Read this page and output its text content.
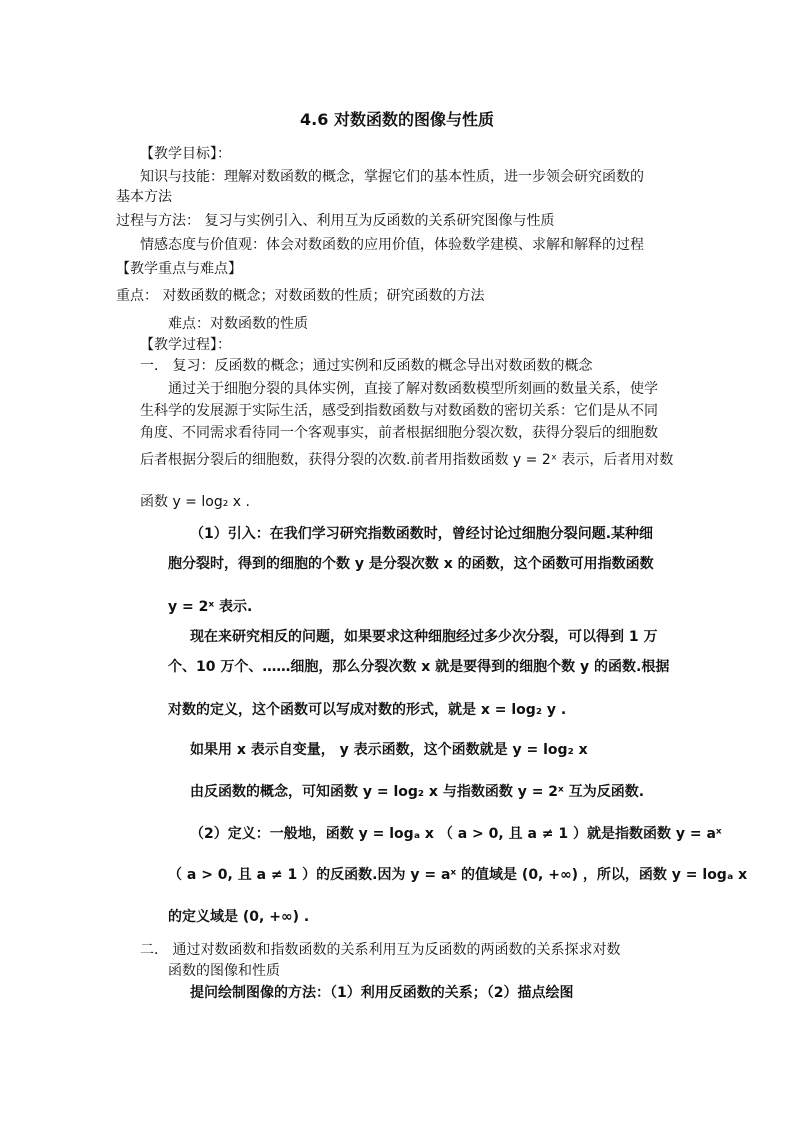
4.6 对数函数的图像与性质
【教学目标】：
知识与技能：理解对数函数的概念，掌握它们的基本性质，进一步领会研究函数的
基本方法
过程与方法： 复习与实例引入、利用互为反函数的关系研究图像与性质
情感态度与价值观：体会对数函数的应用价值，体验数学建模、求解和解释的过程
【教学重点与难点】
重点： 对数函数的概念；对数函数的性质；研究函数的方法
难点：对数函数的性质
【教学过程】：
一． 复习：反函数的概念；通过实例和反函数的概念导出对数函数的概念
通过关于细胞分裂的具体实例，直接了解对数函数模型所刻画的数量关系，使学
生科学的发展源于实际生活，感受到指数函数与对数函数的密切关系：它们是从不同
角度、不同需求看待同一个客观事实，前者根据细胞分裂次数，获得分裂后的细胞数
后者根据分裂后的细胞数，获得分裂的次数.前者用指数函数 y = 2ˣ 表示，后者用对数
函数 y = log₂ x .
（1）引入：在我们学习研究指数函数时，曾经讨论过细胞分裂问题.某种细
胞分裂时，得到的细胞的个数 y 是分裂次数 x 的函数，这个函数可用指数函数
y = 2ˣ 表示.
现在来研究相反的问题，如果要求这种细胞经过多少次分裂，可以得到 1 万
个、10 万个、……细胞，那么分裂次数 x 就是要得到的细胞个数 y 的函数.根据
对数的定义，这个函数可以写成对数的形式，就是 x = log₂ y .
如果用 x 表示自变量， y 表示函数，这个函数就是 y = log₂ x
由反函数的概念，可知函数 y = log₂ x 与指数函数 y = 2ˣ 互为反函数.
（2）定义：一般地，函数 y = logₐ x （ a > 0, 且 a ≠ 1 ）就是指数函数 y = aˣ
（ a > 0, 且 a ≠ 1 ）的反函数.因为 y = aˣ 的值域是 (0, +∞) ，所以，函数 y = logₐ x
的定义域是 (0, +∞) .
二． 通过对数函数和指数函数的关系利用互为反函数的两函数的关系探求对数
函数的图像和性质
提问绘制图像的方法：（1）利用反函数的关系；（2）描点绘图
